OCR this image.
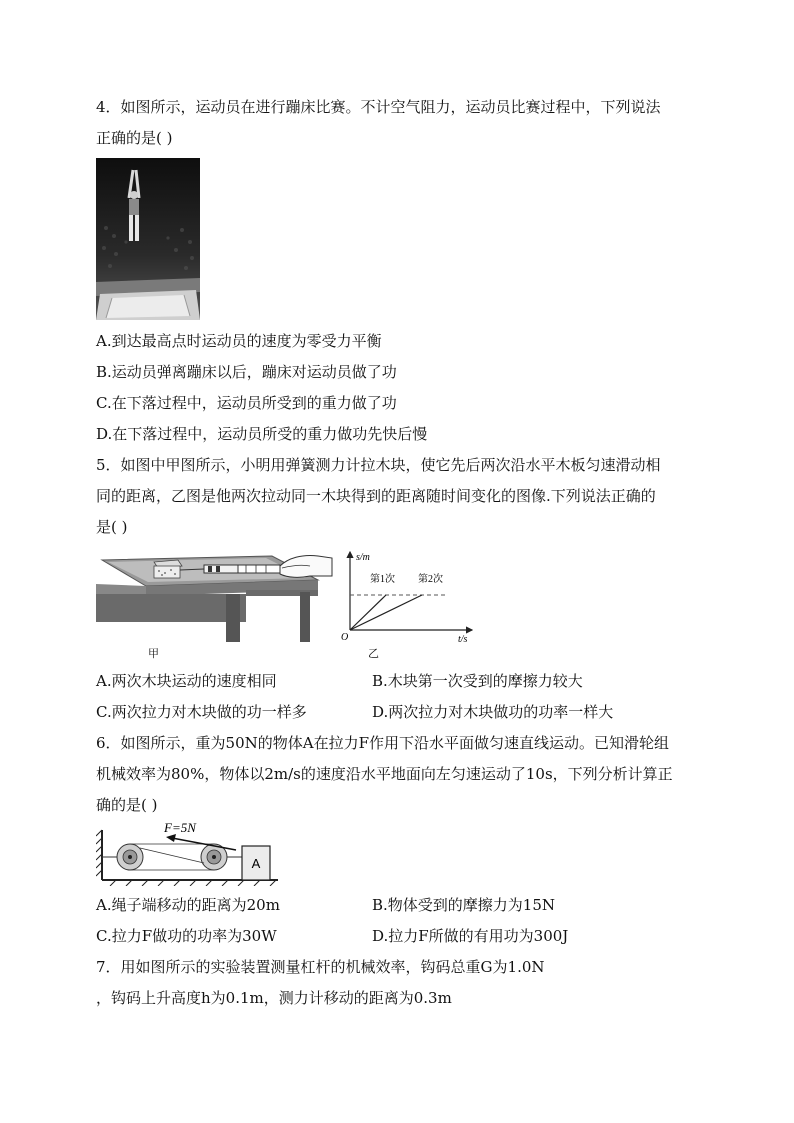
4．如图所示，运动员在进行蹦床比赛。不计空气阻力，运动员比赛过程中，下列说法
正确的是( )
A.到达最高点时运动员的速度为零受力平衡
B.运动员弹离蹦床以后，蹦床对运动员做了功
C.在下落过程中，运动员所受到的重力做了功
D.在下落过程中，运动员所受的重力做功先快后慢
5．如图中甲图所示，小明用弹簧测力计拉木块，使它先后两次沿水平木板匀速滑动相
同的距离，乙图是他两次拉动同一木块得到的距离随时间变化的图像.下列说法正确的
是( )
甲
s/m
t/s
O
第1次 第2次
乙
A.两次木块运动的速度相同	B.木块第一次受到的摩擦力较大
C.两次拉力对木块做的功一样多	D.两次拉力对木块做功的功率一样大
6．如图所示，重为50N的物体A在拉力F作用下沿水平面做匀速直线运动。已知滑轮组
机械效率为80%，物体以2m/s的速度沿水平地面向左匀速运动了10s，下列分析计算正
确的是( )
A
F=5N
A.绳子端移动的距离为20m	B.物体受到的摩擦力为15N
C.拉力F做功的功率为30W	D.拉力F所做的有用功为300J
7．用如图所示的实验装置测量杠杆的机械效率，钩码总重G为1.0N
，钩码上升高度h为0.1m，测力计移动的距离为0.3m
